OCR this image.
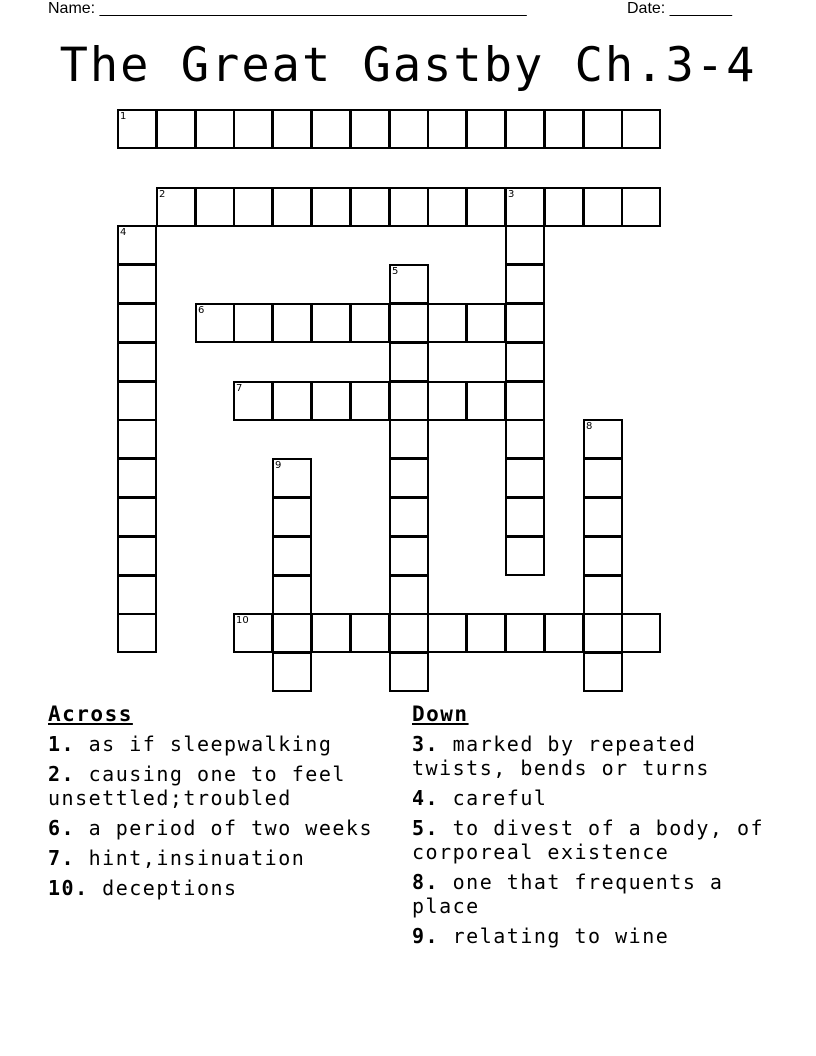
Name: ________________________________________________	Date: _______
The Great Gastby Ch.3-4
1
2	3
4
5
6
7
8
9
10
Across
1. as if sleepwalking
2. causing one to feel unsettled;troubled
6. a period of two weeks
7. hint,insinuation
10. deceptions
Down
3. marked by repeated twists, bends or turns
4. careful
5. to divest of a body, of corporeal existence
8. one that frequents a place
9. relating to wine
